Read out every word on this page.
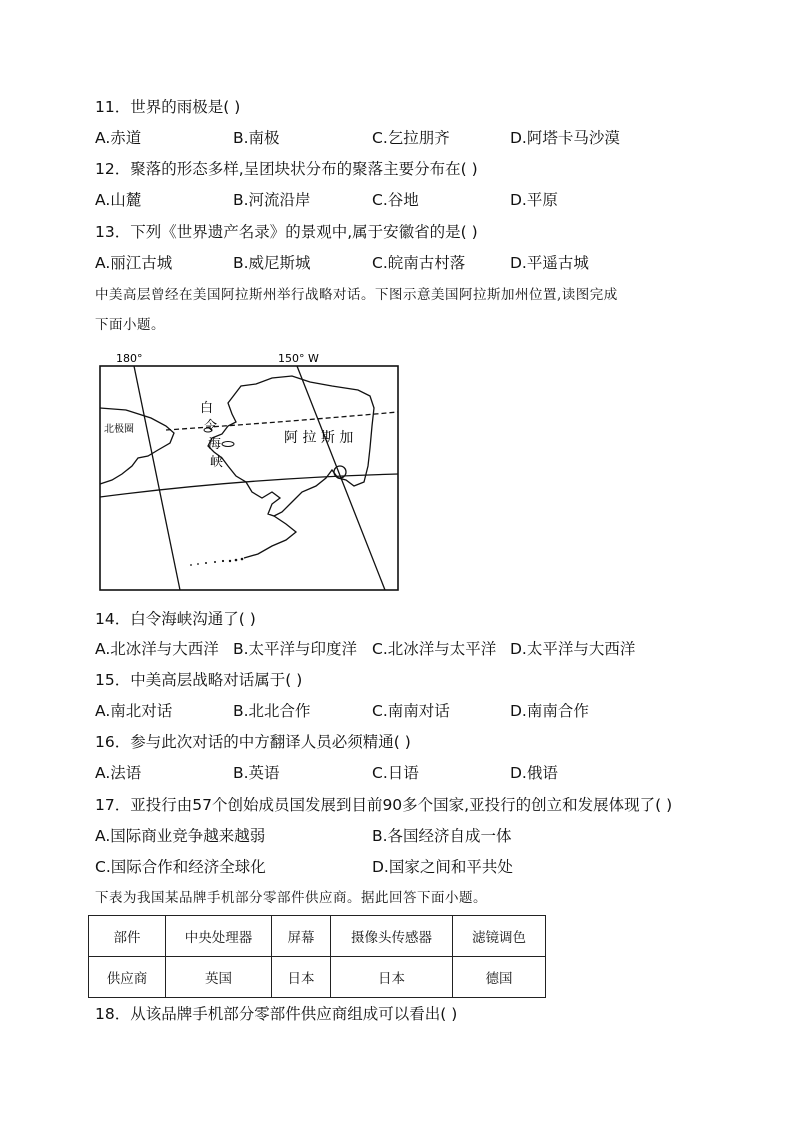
11．世界的雨极是( )
A.赤道	B.南极	C.乞拉朋齐	D.阿塔卡马沙漠
12．聚落的形态多样,呈团块状分布的聚落主要分布在( )
A.山麓	B.河流沿岸	C.谷地	D.平原
13．下列《世界遗产名录》的景观中,属于安徽省的是( )
A.丽江古城	B.威尼斯城	C.皖南古村落	D.平遥古城
中美高层曾经在美国阿拉斯州举行战略对话。下图示意美国阿拉斯加州位置,读图完成
下面小题。
180°	150° W
北极圈
白
令
海
峡
阿 拉 斯 加
14．白令海峡沟通了( )
A.北冰洋与大西洋 B.太平洋与印度洋 C.北冰洋与太平洋 D.太平洋与大西洋
15．中美高层战略对话属于( )
A.南北对话	B.北北合作	C.南南对话	D.南南合作
16．参与此次对话的中方翻译人员必须精通( )
A.法语	B.英语	C.日语	D.俄语
17．亚投行由57个创始成员国发展到目前90多个国家,亚投行的创立和发展体现了( )
A.国际商业竞争越来越弱	B.各国经济自成一体
C.国际合作和经济全球化	D.国家之间和平共处
下表为我国某品牌手机部分零部件供应商。据此回答下面小题。
部件	中央处理器	屏幕	摄像头传感器	滤镜调色
供应商	英国	日本	日本	德国
18．从该品牌手机部分零部件供应商组成可以看出( )
